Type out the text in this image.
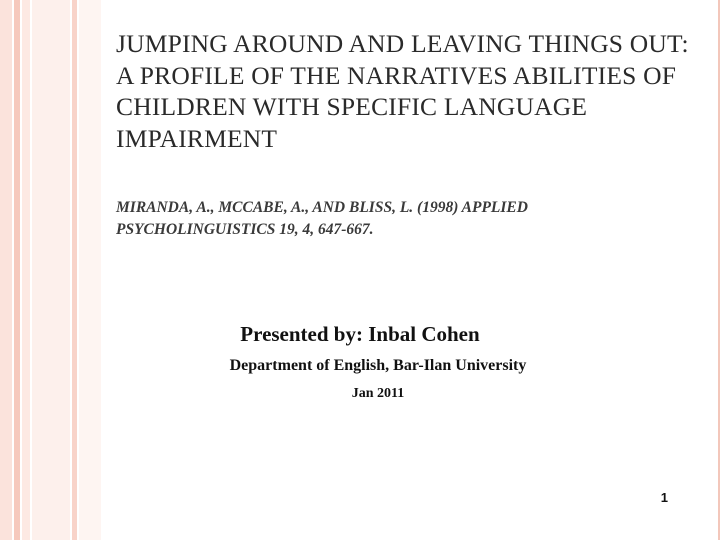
JUMPING AROUND AND LEAVING THINGS OUT: A PROFILE OF THE NARRATIVES ABILITIES OF CHILDREN WITH SPECIFIC LANGUAGE IMPAIRMENT

MIRANDA, A., MCCABE, A., AND BLISS, L. (1998) APPLIED PSYCHOLINGUISTICS 19, 4, 647-667.

Presented by: Inbal Cohen
Department of English, Bar-Ilan University
Jan 2011
1
